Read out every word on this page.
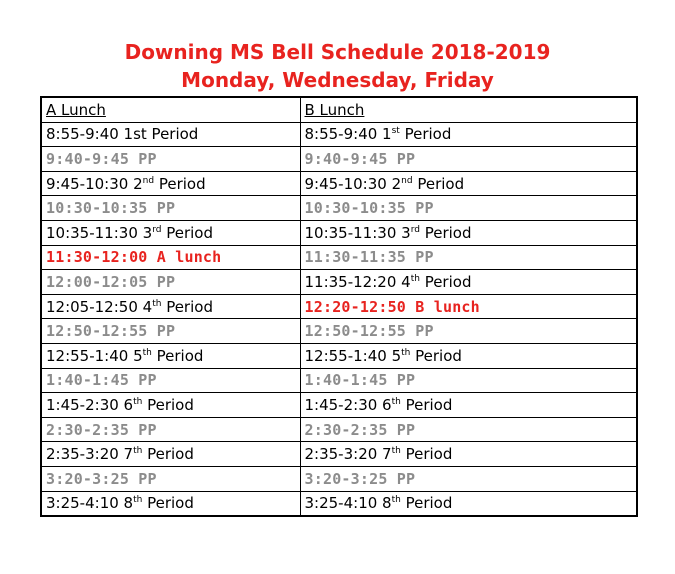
Downing MS Bell Schedule 2018-2019
Monday, Wednesday, Friday
A Lunch	B Lunch
8:55-9:40 1st Period	8:55-9:40 1st Period
9:40-9:45 PP	9:40-9:45 PP
9:45-10:30 2nd Period	9:45-10:30 2nd Period
10:30-10:35 PP	10:30-10:35 PP
10:35-11:30 3rd Period	10:35-11:30 3rd Period
11:30-12:00 A lunch	11:30-11:35 PP
12:00-12:05 PP	11:35-12:20 4th Period
12:05-12:50 4th Period	12:20-12:50 B lunch
12:50-12:55 PP	12:50-12:55 PP
12:55-1:40 5th Period	12:55-1:40 5th Period
1:40-1:45 PP	1:40-1:45 PP
1:45-2:30 6th Period	1:45-2:30 6th Period
2:30-2:35 PP	2:30-2:35 PP
2:35-3:20 7th Period	2:35-3:20 7th Period
3:20-3:25 PP	3:20-3:25 PP
3:25-4:10 8th Period	3:25-4:10 8th Period
